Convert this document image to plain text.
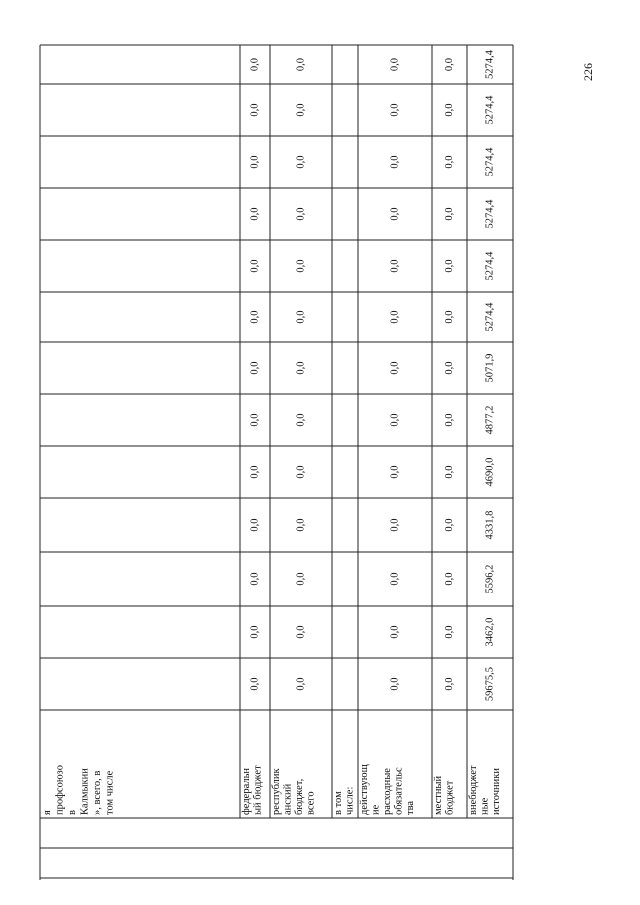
226
0,0
0,0
0,0
0,0
0,0
0,0
0,0
0,0
0,0
0,0
0,0
0,0
0,0
федеральн ый бюджет
0,0
0,0
0,0
0,0
0,0
0,0
0,0
0,0
0,0
0,0
0,0
0,0
0,0
республик анский бюджет, всего в том числе:
0,0
0,0
0,0
0,0
0,0
0,0
0,0
0,0
0,0
0,0
0,0
0,0
0,0
действующ ие расходные обязательс тва
0,0
0,0
0,0
0,0
0,0
0,0
0,0
0,0
0,0
0,0
0,0
0,0
0,0
местный бюджет
59675,5
3462,0
5596,2
4331,8
4690,0
4877,2
5071,9
5274,4
5274,4
5274,4
5274,4
5274,4
5274,4
внебюджет ные источники
я профсоюзо в Калмыкии », всего, в том числе
